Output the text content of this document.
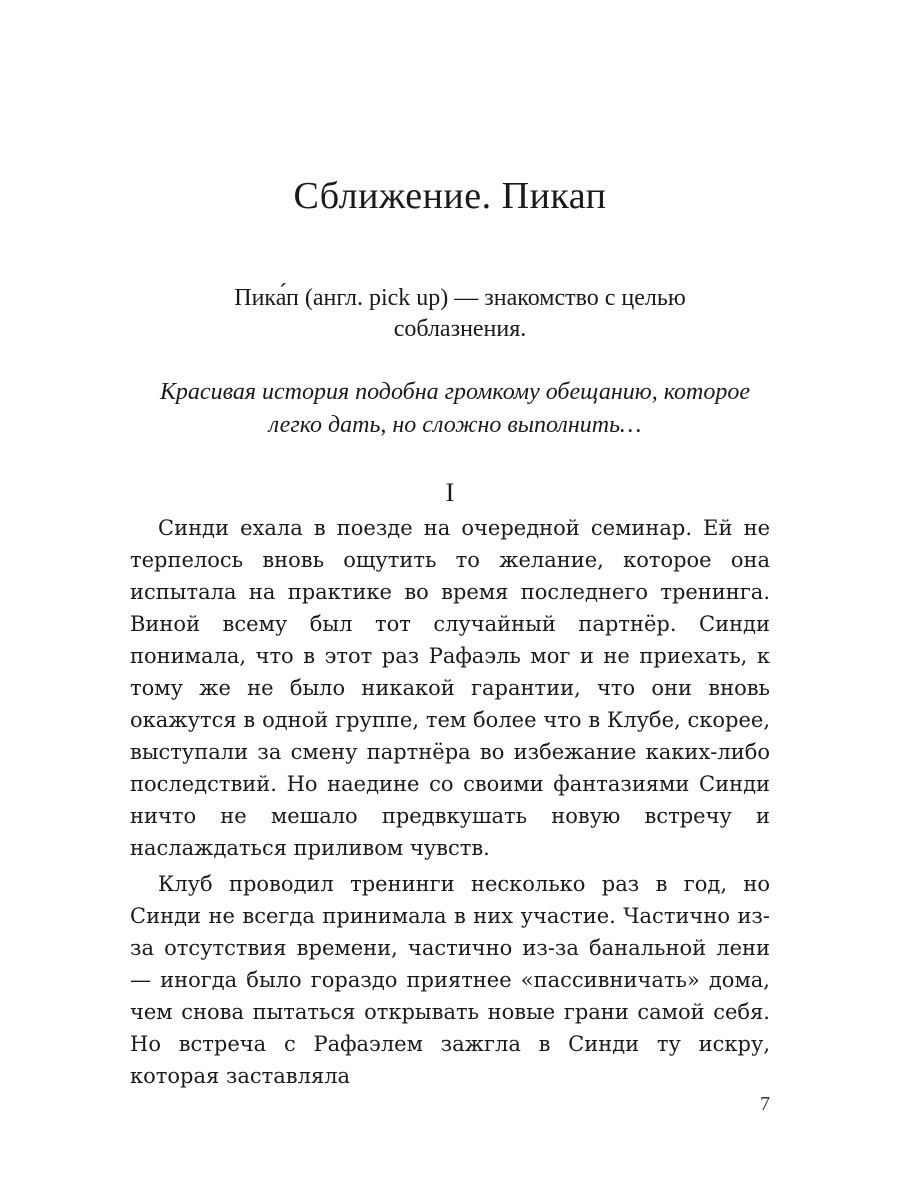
Сближение. Пикап
Пика́п (англ. pick up) — знакомство с целью соблазнения.
Красивая история подобна громкому обещанию, которое легко дать, но сложно выполнить…
I

Синди ехала в поезде на очередной семинар. Ей не терпелось вновь ощутить то желание, которое она испытала на практике во время последнего тренинга. Виной всему был тот случайный партнёр. Синди понимала, что в этот раз Рафаэль мог и не приехать, к тому же не было никакой гарантии, что они вновь окажутся в одной группе, тем более что в Клубе, скорее, выступали за смену партнёра во избежание каких-либо последствий. Но наедине со своими фантазиями Синди ничто не мешало предвкушать новую встречу и наслаждаться приливом чувств.

Клуб проводил тренинги несколько раз в год, но Синди не всегда принимала в них участие. Частично из-за отсутствия времени, частично из-за банальной лени — иногда было гораздо приятнее «пассивничать» дома, чем снова пытаться открывать новые грани самой себя. Но встреча с Рафаэлем зажгла в Синди ту искру, которая заставляла

7
